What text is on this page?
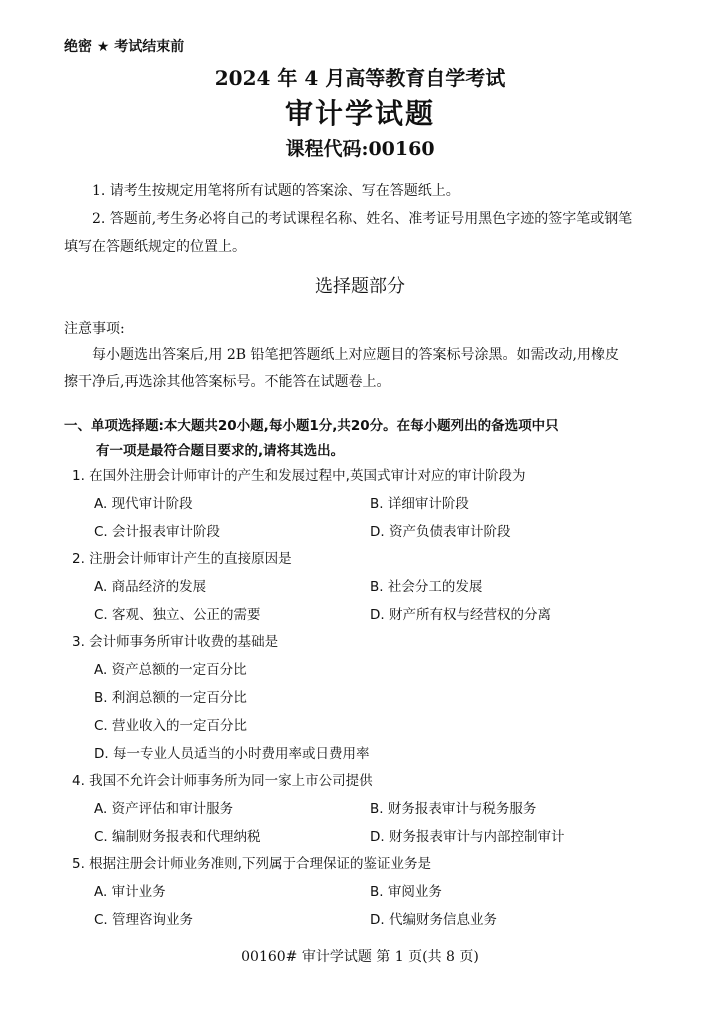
绝密 ★ 考试结束前
2024 年 4 月高等教育自学考试
审计学试题
课程代码:00160
1. 请考生按规定用笔将所有试题的答案涂、写在答题纸上。
2. 答题前,考生务必将自己的考试课程名称、姓名、准考证号用黑色字迹的签字笔或钢笔
填写在答题纸规定的位置上。
选择题部分
注意事项:
每小题选出答案后,用 2B 铅笔把答题纸上对应题目的答案标号涂黑。如需改动,用橡皮
擦干净后,再选涂其他答案标号。不能答在试题卷上。
一、单项选择题:本大题共20小题,每小题1分,共20分。在每小题列出的备选项中只
有一项是最符合题目要求的,请将其选出。
1. 在国外注册会计师审计的产生和发展过程中,英国式审计对应的审计阶段为
A. 现代审计阶段	B. 详细审计阶段
C. 会计报表审计阶段	D. 资产负债表审计阶段
2. 注册会计师审计产生的直接原因是
A. 商品经济的发展	B. 社会分工的发展
C. 客观、独立、公正的需要	D. 财产所有权与经营权的分离
3. 会计师事务所审计收费的基础是
A. 资产总额的一定百分比
B. 利润总额的一定百分比
C. 营业收入的一定百分比
D. 每一专业人员适当的小时费用率或日费用率
4. 我国不允许会计师事务所为同一家上市公司提供
A. 资产评估和审计服务	B. 财务报表审计与税务服务
C. 编制财务报表和代理纳税	D. 财务报表审计与内部控制审计
5. 根据注册会计师业务准则,下列属于合理保证的鉴证业务是
A. 审计业务	B. 审阅业务
C. 管理咨询业务	D. 代编财务信息业务
00160# 审计学试题 第 1 页(共 8 页)
